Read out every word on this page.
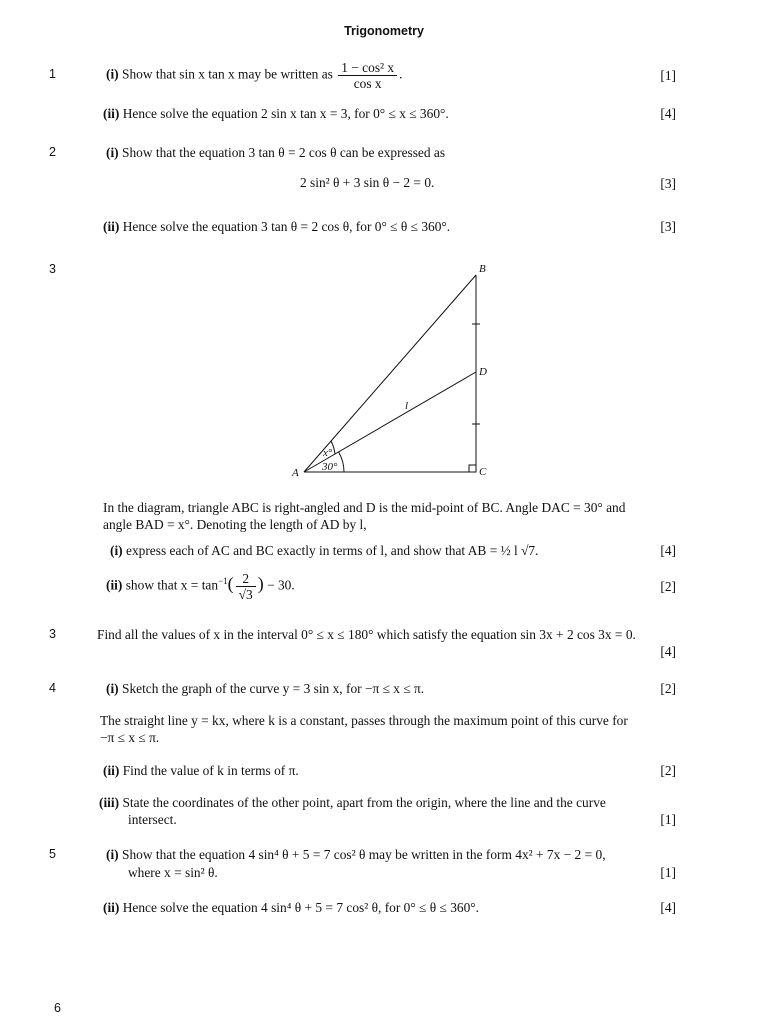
Trigonometry
1	(i) Show that sin x tan x may be written as $\frac{\text{1 − cos² x}}{\text{cos x}}$ .	[1]
(ii) Hence solve the equation 2 sin x tan x = 3, for 0° ≤ x ≤ 360°.	[4]
2	(i) Show that the equation 3 tan θ = 2 cos θ can be expressed as
2 sin² θ + 3 sin θ − 2 = 0.	[3]
(ii) Hence solve the equation 3 tan θ = 2 cos θ, for 0° ≤ θ ≤ 360°.	[3]
3
A
B
C
D
l
x°
30°
In the diagram, triangle ABC is right-angled and D is the mid-point of BC. Angle DAC = 30° and
angle BAD = x°. Denoting the length of AD by l,
(i) express each of AC and BC exactly in terms of l, and show that AB = ½ l √7.	[4]
(ii) show that $x = \tan^{-1}( \frac{2}{√3}$ ) − 30.	[2]
3	Find all the values of x in the interval 0° ≤ x ≤ 180° which satisfy the equation sin 3x + 2 cos 3x = 0.
[4]
4	(i) Sketch the graph of the curve y = 3 sin x, for −π ≤ x ≤ π.	[2]
The straight line y = kx, where k is a constant, passes through the maximum point of this curve for
−π ≤ x ≤ π.
(ii) Find the value of k in terms of π.	[2]
(iii) State the coordinates of the other point, apart from the origin, where the line and the curve
intersect.	[1]
5	(i) Show that the equation 4 sin⁴ θ + 5 = 7 cos² θ may be written in the form 4x² + 7x − 2 = 0,
where x = sin² θ.	[1]
(ii) Hence solve the equation 4 sin⁴ θ + 5 = 7 cos² θ, for 0° ≤ θ ≤ 360°.	[4]
6
